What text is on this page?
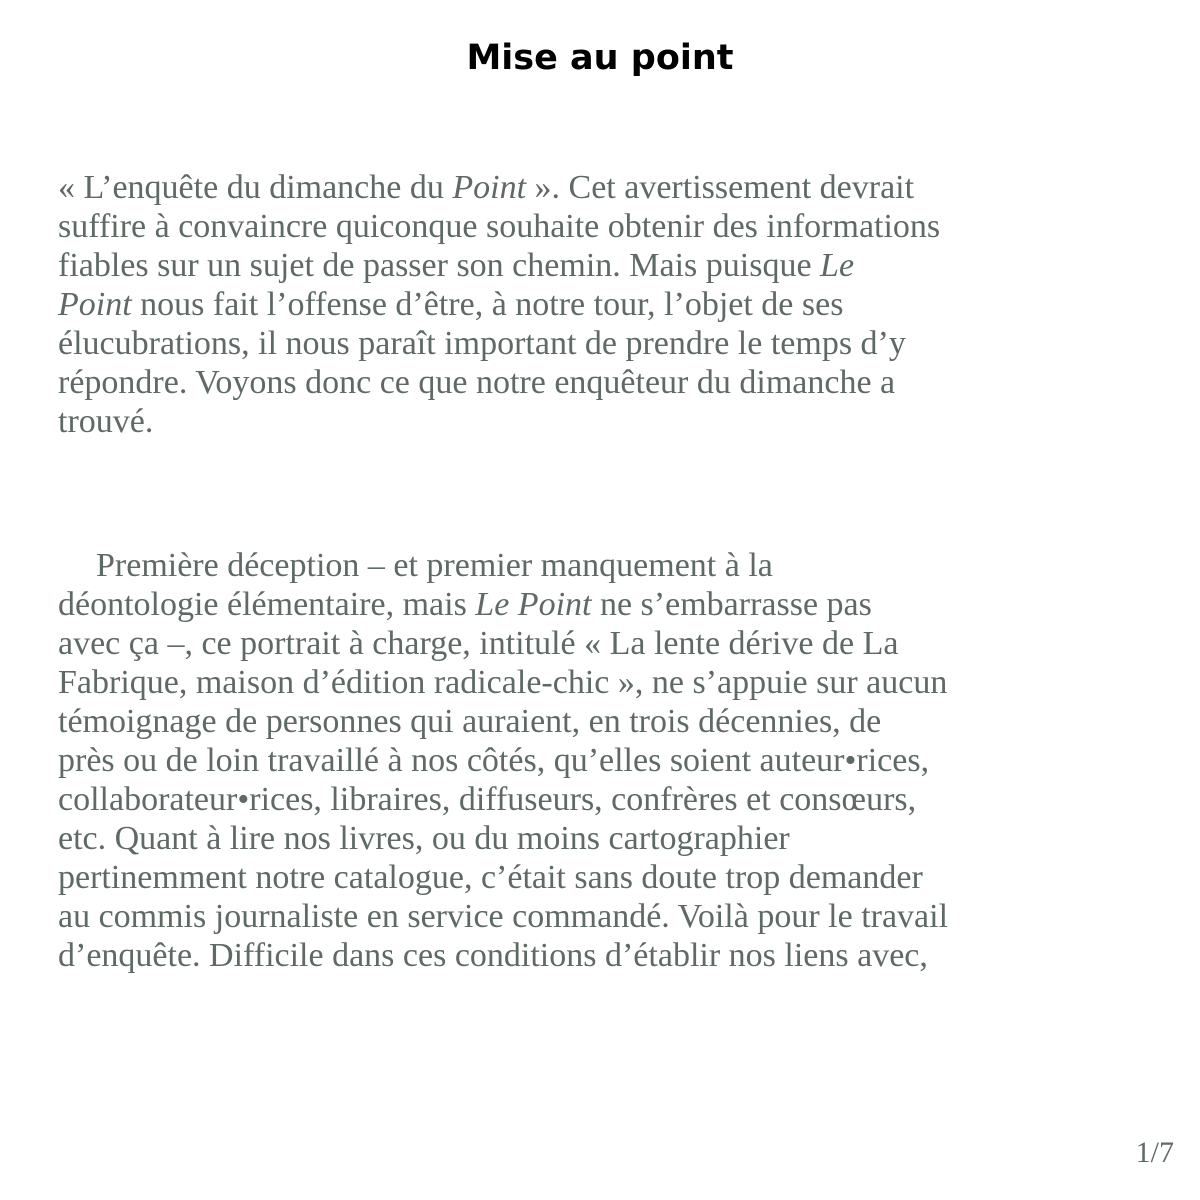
Mise au point

« L’enquête du dimanche du Point ». Cet avertissement devrait
suffire à convaincre quiconque souhaite obtenir des informations
fiables sur un sujet de passer son chemin. Mais puisque Le
Point nous fait l’offense d’être, à notre tour, l’objet de ses
élucubrations, il nous paraît important de prendre le temps d’y
répondre. Voyons donc ce que notre enquêteur du dimanche a
trouvé.

Première déception – et premier manquement à la
déontologie élémentaire, mais Le Point ne s’embarrasse pas
avec ça –, ce portrait à charge, intitulé « La lente dérive de La
Fabrique, maison d’édition radicale-chic », ne s’appuie sur aucun
témoignage de personnes qui auraient, en trois décennies, de
près ou de loin travaillé à nos côtés, qu’elles soient auteur•rices,
collaborateur•rices, libraires, diffuseurs, confrères et consœurs,
etc. Quant à lire nos livres, ou du moins cartographier
pertinemment notre catalogue, c’était sans doute trop demander
au commis journaliste en service commandé. Voilà pour le travail
d’enquête. Difficile dans ces conditions d’établir nos liens avec,

1/7
